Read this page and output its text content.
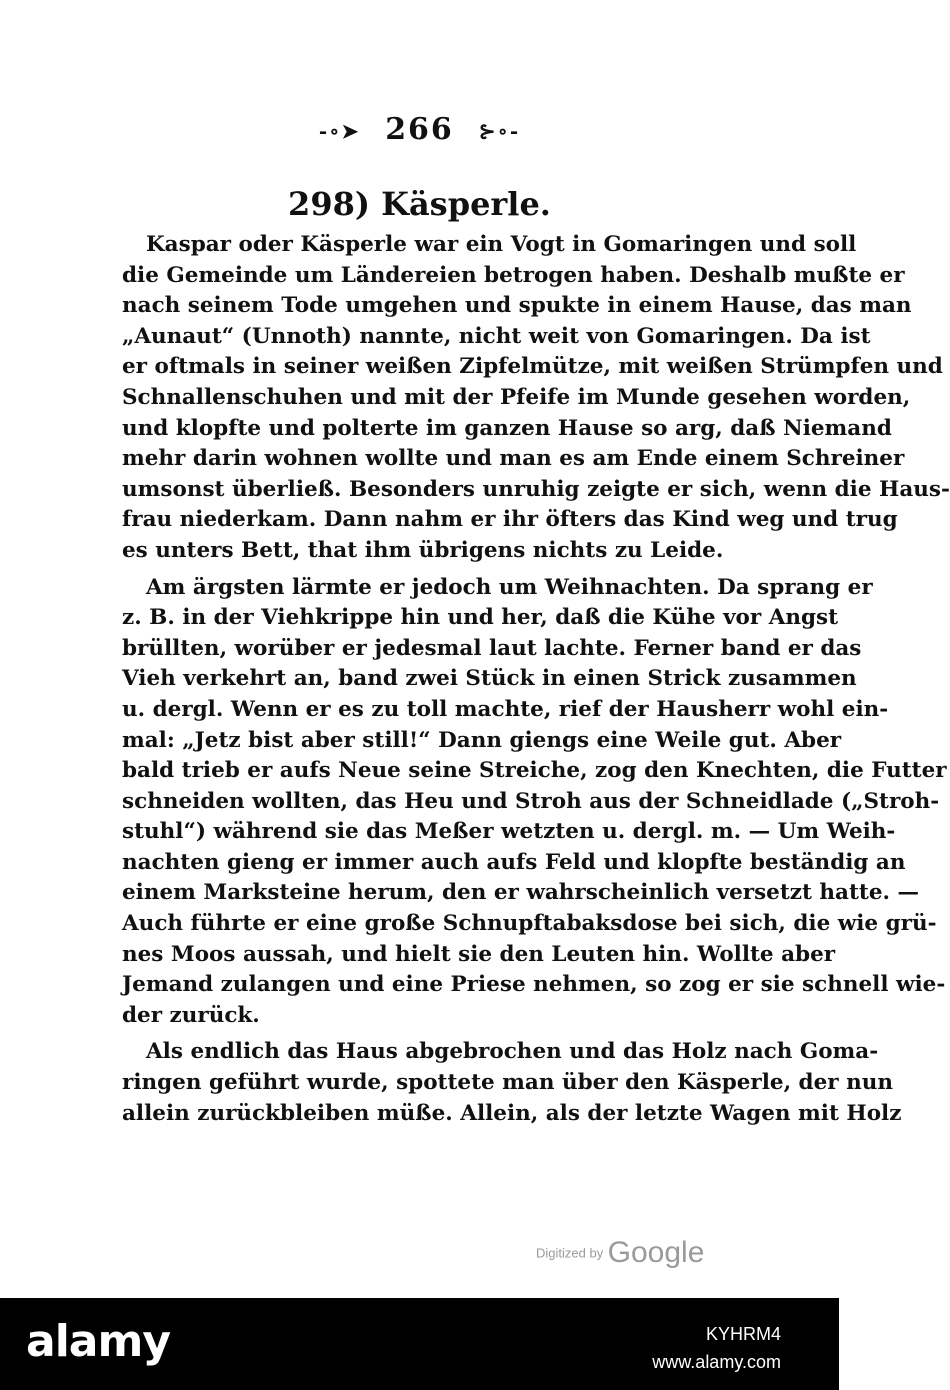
-∘➤ 266 ⊱∘-
298) Käsperle.
Kaspar oder Käsperle war ein Vogt in Gomaringen und soll
die Gemeinde um Ländereien betrogen haben. Deshalb mußte er
nach seinem Tode umgehen und spukte in einem Hause, das man
„Aunaut“ (Unnoth) nannte, nicht weit von Gomaringen. Da ist
er oftmals in seiner weißen Zipfelmütze, mit weißen Strümpfen und
Schnallenschuhen und mit der Pfeife im Munde gesehen worden,
und klopfte und polterte im ganzen Hause so arg, daß Niemand
mehr darin wohnen wollte und man es am Ende einem Schreiner
umsonst überließ. Besonders unruhig zeigte er sich, wenn die Haus-
frau niederkam. Dann nahm er ihr öfters das Kind weg und trug
es unters Bett, that ihm übrigens nichts zu Leide.
Am ärgsten lärmte er jedoch um Weihnachten. Da sprang er
z. B. in der Viehkrippe hin und her, daß die Kühe vor Angst
brüllten, worüber er jedesmal laut lachte. Ferner band er das
Vieh verkehrt an, band zwei Stück in einen Strick zusammen
u. dergl. Wenn er es zu toll machte, rief der Hausherr wohl ein-
mal: „Jetz bist aber still!“ Dann giengs eine Weile gut. Aber
bald trieb er aufs Neue seine Streiche, zog den Knechten, die Futter
schneiden wollten, das Heu und Stroh aus der Schneidlade („Stroh-
stuhl“) während sie das Meßer wetzten u. dergl. m. — Um Weih-
nachten gieng er immer auch aufs Feld und klopfte beständig an
einem Marksteine herum, den er wahrscheinlich versetzt hatte. —
Auch führte er eine große Schnupftabaksdose bei sich, die wie grü-
nes Moos aussah, und hielt sie den Leuten hin. Wollte aber
Jemand zulangen und eine Priese nehmen, so zog er sie schnell wie-
der zurück.
Als endlich das Haus abgebrochen und das Holz nach Goma-
ringen geführt wurde, spottete man über den Käsperle, der nun
allein zurückbleiben müße. Allein, als der letzte Wagen mit Holz
Digitized by Google
alamy	KYHRM4
www.alamy.com
